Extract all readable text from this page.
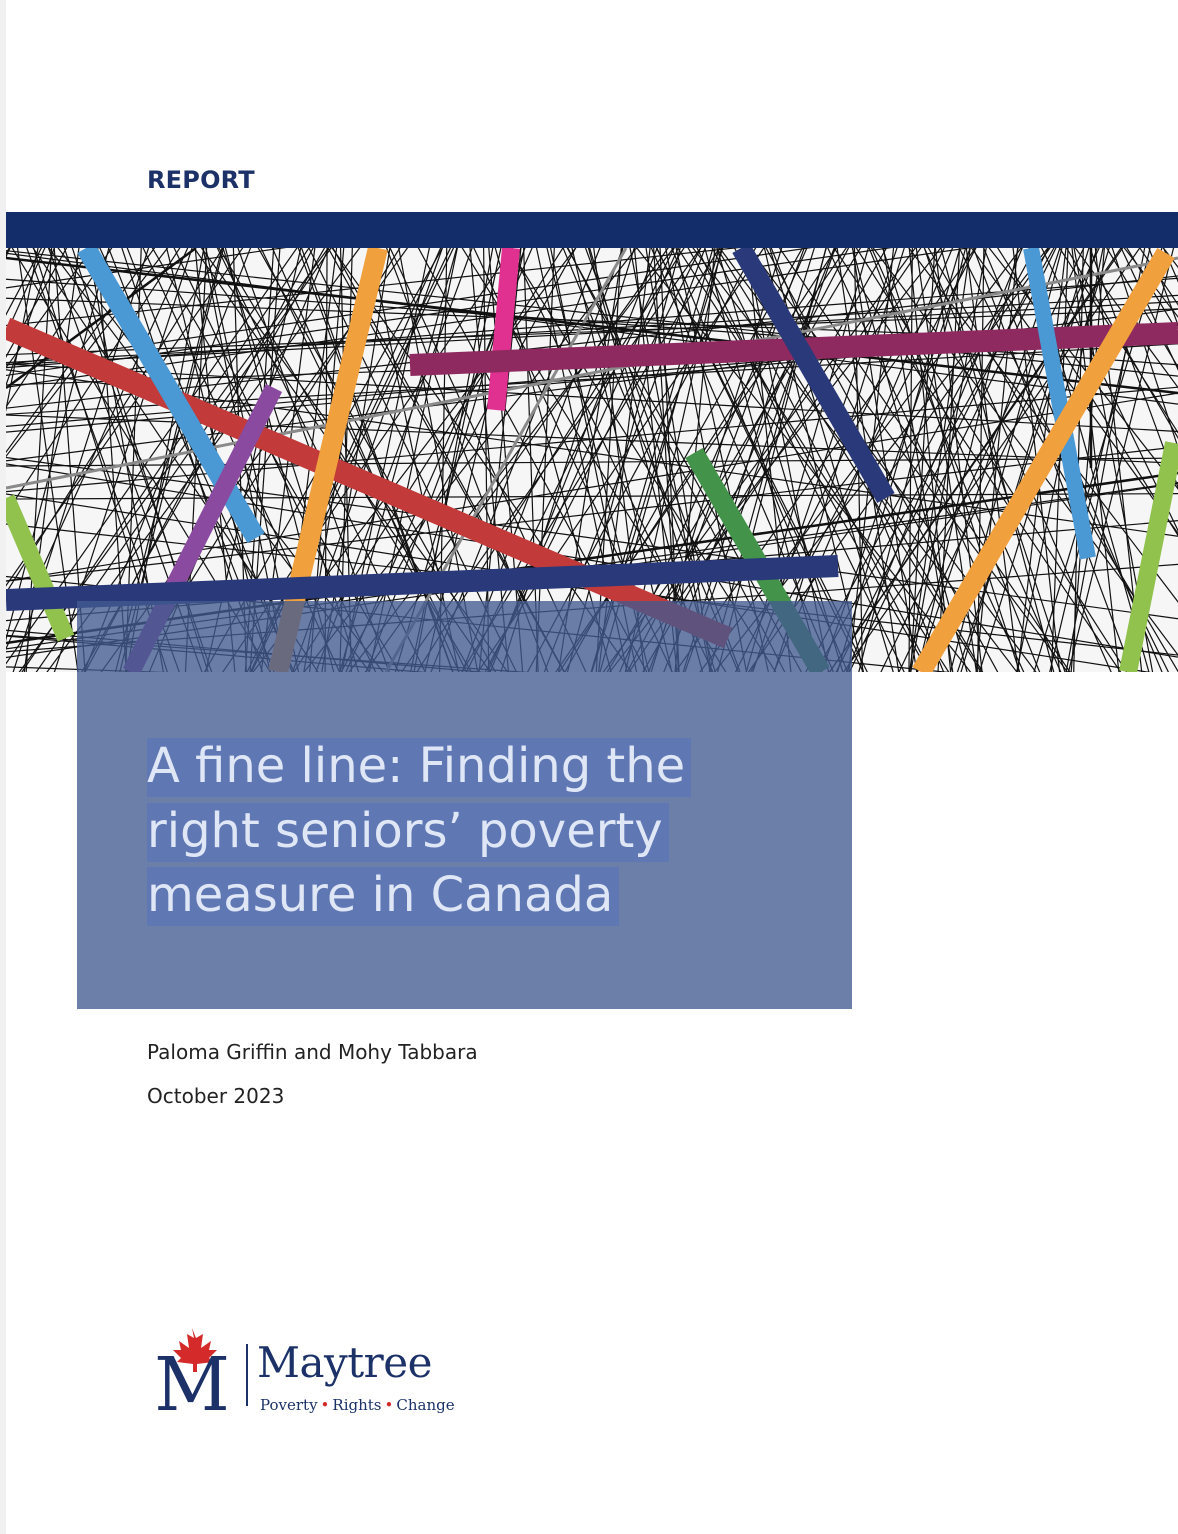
REPORT

A fine line: Finding the
right seniors’ poverty
measure in Canada

Paloma Griffin and Mohy Tabbara

October 2023

M Maytree

Poverty • Rights • Change
